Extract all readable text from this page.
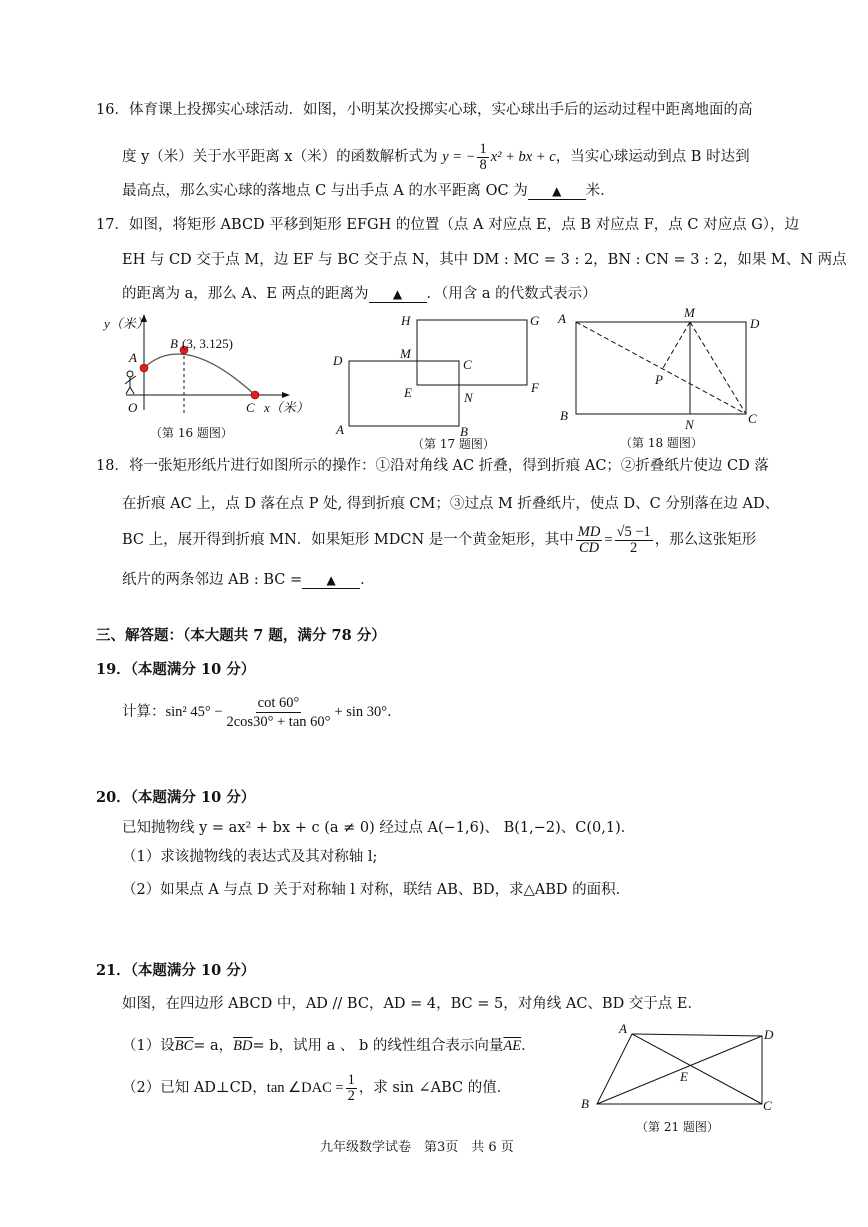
16．体育课上投掷实心球活动．如图，小明某次投掷实心球，实心球出手后的运动过程中距离地面的高
度 y（米）关于水平距离 x（米）的函数解析式为 y = − $\frac{1}{8} x^2$ + bx + c，当实心球运动到点 B 时达到
最高点，那么实心球的落地点 C 与出手点 A 的水平距离 OC 为 ▲ 米．
17．如图，将矩形 ABCD 平移到矩形 EFGH 的位置（点 A 对应点 E，点 B 对应点 F，点 C 对应点 G），边
EH 与 CD 交于点 M，边 EF 与 BC 交于点 N，其中 DM : MC = 3 : 2，BN : CN = 3 : 2，如果 M、N 两点
的距离为 a，那么 A、E 两点的距离为 ▲ ．（用含 a 的代数式表示）
y（米）
A
B (3, 3.125)
O	C x（米）
（第 16 题图）
H	G
D	M
C
E	F
N
A	B
（第 17 题图）
A	M
D
P
B
N	C
（第 18 题图）
18．将一张矩形纸片进行如图所示的操作：①沿对角线 AC 折叠，得到折痕 AC；②折叠纸片使边 CD 落
在折痕 AC 上，点 D 落在点 P 处, 得到折痕 CM；③过点 M 折叠纸片，使点 D、C 分别落在边 AD、
BC 上，展开得到折痕 MN．如果矩形 MDCN 是一个黄金矩形，其中 $\frac{MD}{CD} = \frac{√5 -1}{2}$ ，那么这张矩形
纸片的两条邻边 AB : BC = ▲ ．
三、解答题：（本大题共 7 题，满分 78 分）
19．（本题满分 10 分）
计算：sin² $45^\circ - \frac{\cot 60^\circ}{2\cos 30^\circ + \tan 60^\circ} + \sin 30^\circ$．
20．（本题满分 10 分）
已知抛物线 y = ax² + bx + c (a ≠ 0) 经过点 A(−1,6)、 B(1,−2)、C(0,1)．
（1）求该抛物线的表达式及其对称轴 l;
（2）如果点 A 与点 D 关于对称轴 l 对称，联结 AB、BD，求△ABD 的面积．
21．（本题满分 10 分）
如图，在四边形 ABCD 中，AD // BC，AD = 4，BC = 5，对角线 AC、BD 交于点 E．
（1）设$\overline{BC}= a$，$\overline{BD}= b$，试用 a 、 b 的线性组合表示向量$\overline{AE}$．
（2）已知 AD⊥CD，tan ∠DAC = $\frac{1}{2}$ ，求 sin ∠ABC 的值．
A	D
E
B	C
（第 21 题图）
九年级数学试卷　第3页　共 6 页
